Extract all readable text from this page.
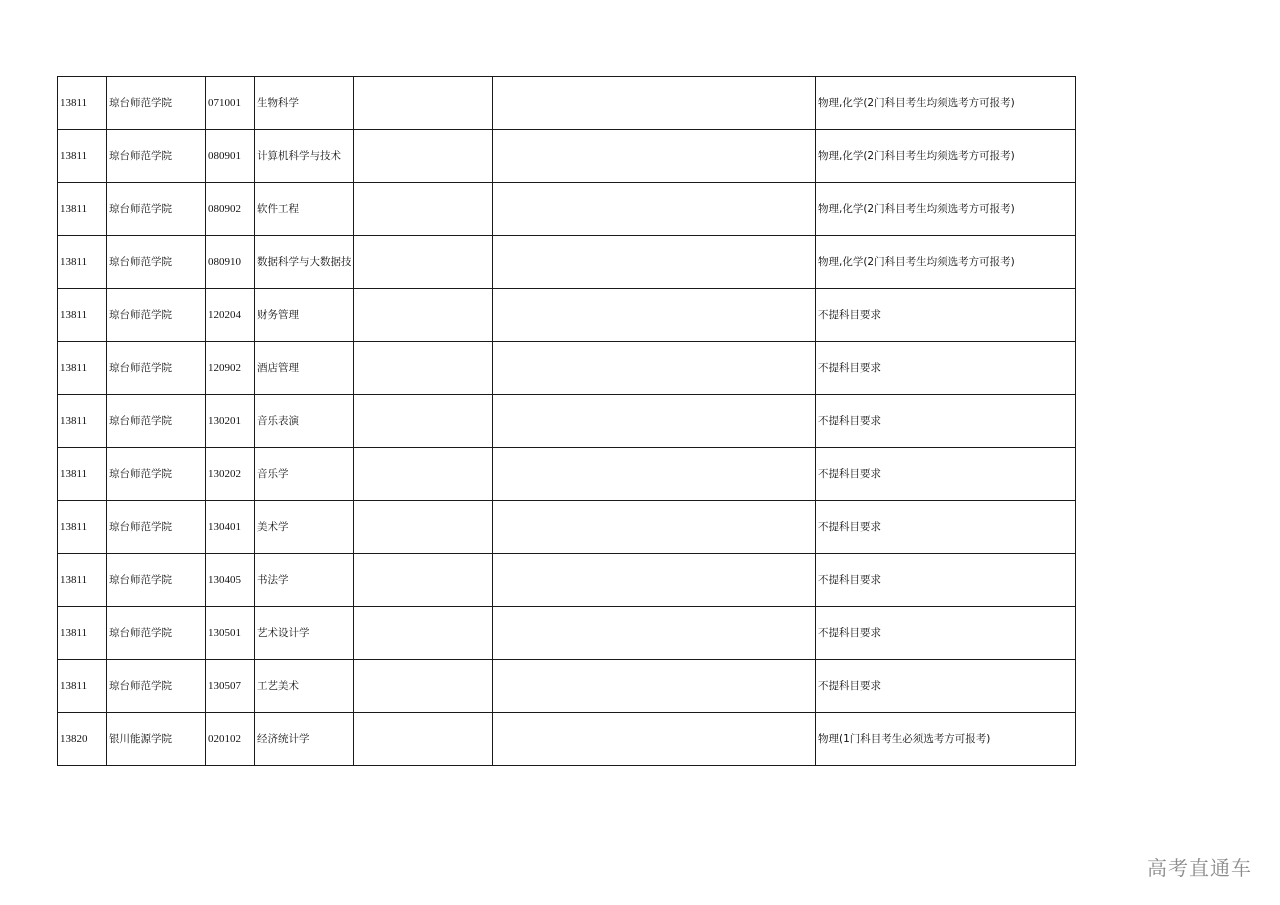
13811	琼台师范学院	071001	生物科学			物理,化学(2门科目考生均须选考方可报考)
13811	琼台师范学院	080901	计算机科学与技术			物理,化学(2门科目考生均须选考方可报考)
13811	琼台师范学院	080902	软件工程			物理,化学(2门科目考生均须选考方可报考)
13811	琼台师范学院	080910	数据科学与大数据技			物理,化学(2门科目考生均须选考方可报考)
13811	琼台师范学院	120204	财务管理			不提科目要求
13811	琼台师范学院	120902	酒店管理			不提科目要求
13811	琼台师范学院	130201	音乐表演			不提科目要求
13811	琼台师范学院	130202	音乐学			不提科目要求
13811	琼台师范学院	130401	美术学			不提科目要求
13811	琼台师范学院	130405	书法学			不提科目要求
13811	琼台师范学院	130501	艺术设计学			不提科目要求
13811	琼台师范学院	130507	工艺美术			不提科目要求
13820	银川能源学院	020102	经济统计学			物理(1门科目考生必须选考方可报考)
高考直通车
